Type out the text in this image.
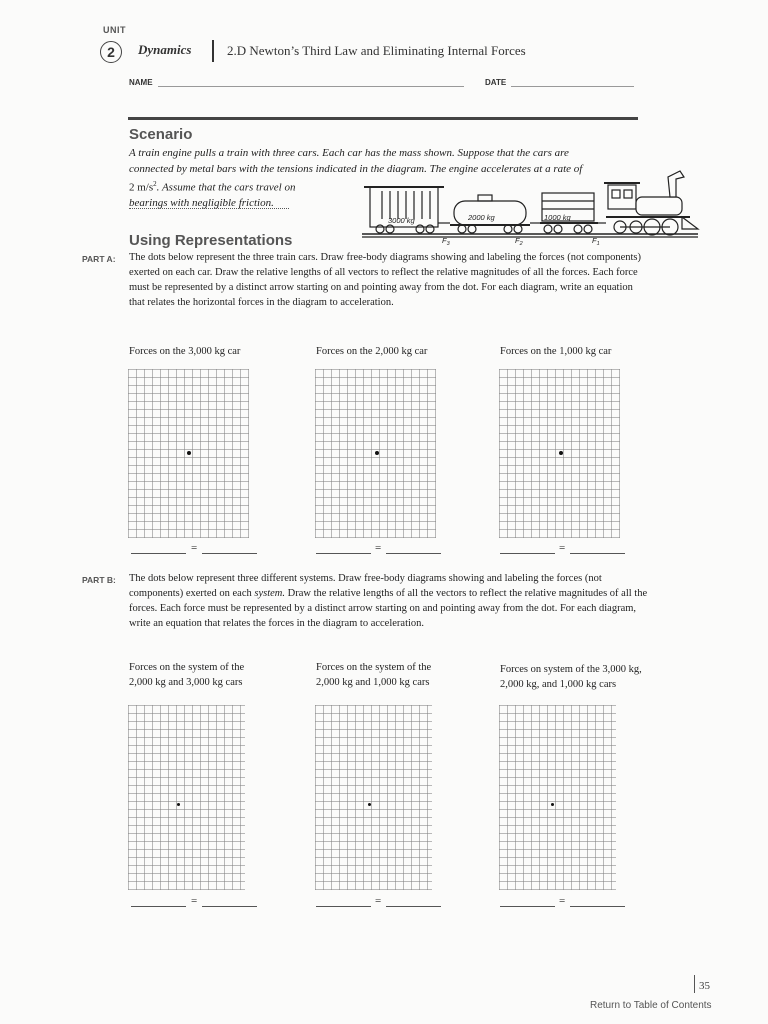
UNIT
2	Dynamics	2.D Newton’s Third Law and Eliminating Internal Forces
NAME	DATE
Scenario
A train engine pulls a train with three cars. Each car has the mass shown. Suppose that the cars are
connected by metal bars with the tensions indicated in the diagram. The engine accelerates at a rate of
2 $m/s^2$. Assume that the cars travel on
bearings with negligible friction.
3000 kg	2000 kg	1000 kg
$F_3$	$F_2$	$F_1$
Using Representations
PART A: The dots below represent the three train cars. Draw free-body diagrams showing and labeling the forces (not components) exerted on each car. Draw the relative lengths of all vectors to reflect the relative magnitudes of all the forces. Each force must be represented by a distinct arrow starting on and pointing away from the dot. For each diagram, write an equation that relates the horizontal forces in the diagram to acceleration.
Forces on the 3,000 kg car	Forces on the 2,000 kg car	Forces on the 1,000 kg car
=	=	=
PART B: The dots below represent three different systems. Draw free-body diagrams showing and labeling the forces (not components) exerted on each system. Draw the relative lengths of all the vectors to reflect the relative magnitudes of all the forces. Each force must be represented by a distinct arrow starting on and pointing away from the dot. For each diagram, write an equation that relates the forces in the diagram to acceleration.
Forces on the system of the
2,000 kg and 3,000 kg cars
Forces on the system of the
2,000 kg and 1,000 kg cars
Forces on system of the 3,000 kg,
2,000 kg, and 1,000 kg cars
=	=	=
35
Return to Table of Contents
